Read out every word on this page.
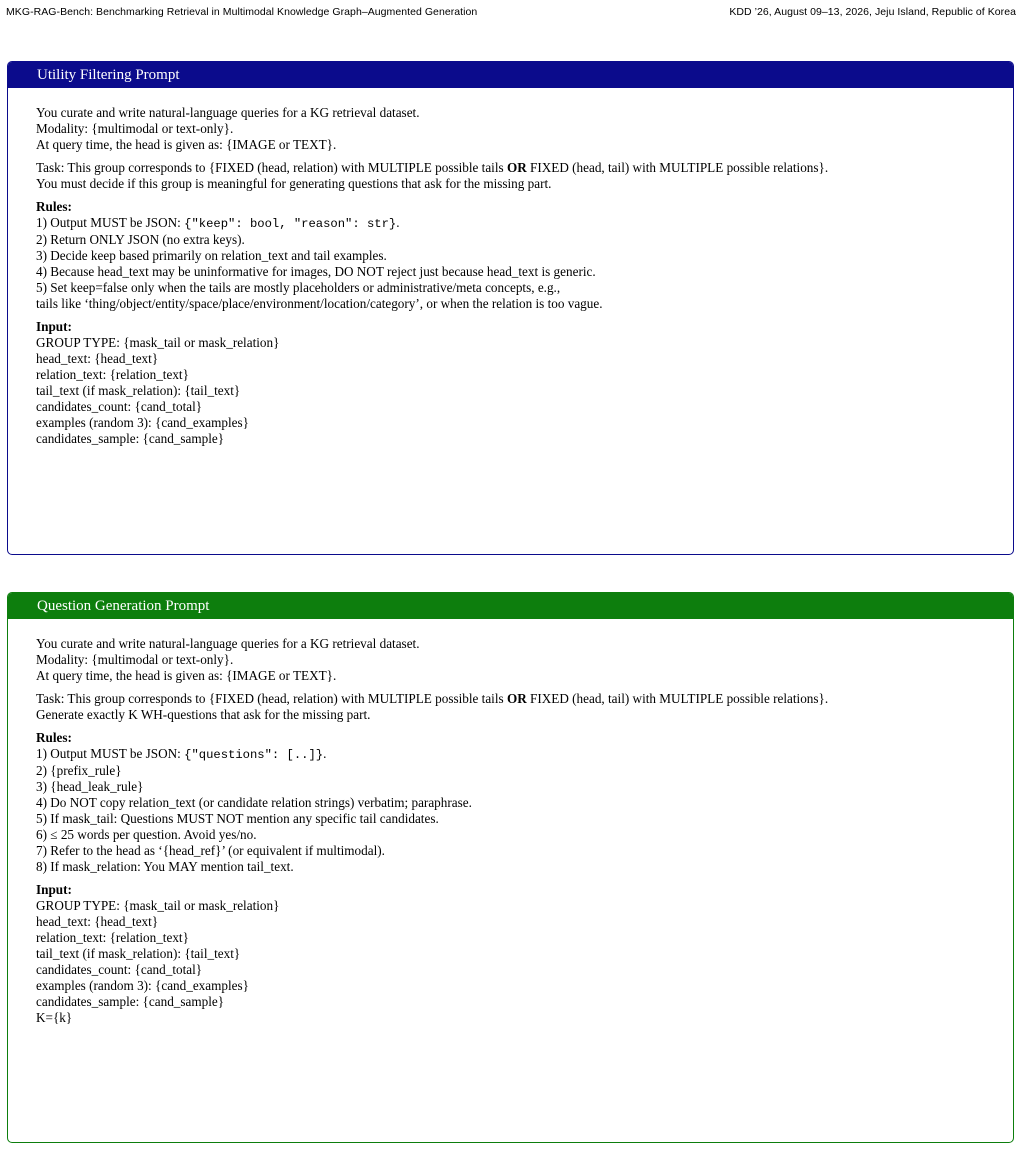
MKG-RAG-Bench: Benchmarking Retrieval in Multimodal Knowledge Graph–Augmented Generation	KDD ’26, August 09–13, 2026, Jeju Island, Republic of Korea
Utility Filtering Prompt
You curate and write natural-language queries for a KG retrieval dataset.
Modality: {multimodal or text-only}.
At query time, the head is given as: {IMAGE or TEXT}.
Task: This group corresponds to {FIXED (head, relation) with MULTIPLE possible tails OR FIXED (head, tail) with MULTIPLE possible relations}.
You must decide if this group is meaningful for generating questions that ask for the missing part.
Rules:
1) Output MUST be JSON: {"keep": bool, "reason": str}.
2) Return ONLY JSON (no extra keys).
3) Decide keep based primarily on relation_text and tail examples.
4) Because head_text may be uninformative for images, DO NOT reject just because head_text is generic.
5) Set keep=false only when the tails are mostly placeholders or administrative/meta concepts, e.g.,
tails like ‘thing/object/entity/space/place/environment/location/category’, or when the relation is too vague.
Input:
GROUP TYPE: {mask_tail or mask_relation}
head_text: {head_text}
relation_text: {relation_text}
tail_text (if mask_relation): {tail_text}
candidates_count: {cand_total}
examples (random 3): {cand_examples}
candidates_sample: {cand_sample}
Question Generation Prompt
You curate and write natural-language queries for a KG retrieval dataset.
Modality: {multimodal or text-only}.
At query time, the head is given as: {IMAGE or TEXT}.
Task: This group corresponds to {FIXED (head, relation) with MULTIPLE possible tails OR FIXED (head, tail) with MULTIPLE possible relations}.
Generate exactly K WH-questions that ask for the missing part.
Rules:
1) Output MUST be JSON: {"questions": [..]}.
2) {prefix_rule}
3) {head_leak_rule}
4) Do NOT copy relation_text (or candidate relation strings) verbatim; paraphrase.
5) If mask_tail: Questions MUST NOT mention any specific tail candidates.
6) ≤ 25 words per question. Avoid yes/no.
7) Refer to the head as ‘{head_ref}’ (or equivalent if multimodal).
8) If mask_relation: You MAY mention tail_text.
Input:
GROUP TYPE: {mask_tail or mask_relation}
head_text: {head_text}
relation_text: {relation_text}
tail_text (if mask_relation): {tail_text}
candidates_count: {cand_total}
examples (random 3): {cand_examples}
candidates_sample: {cand_sample}
K={k}
